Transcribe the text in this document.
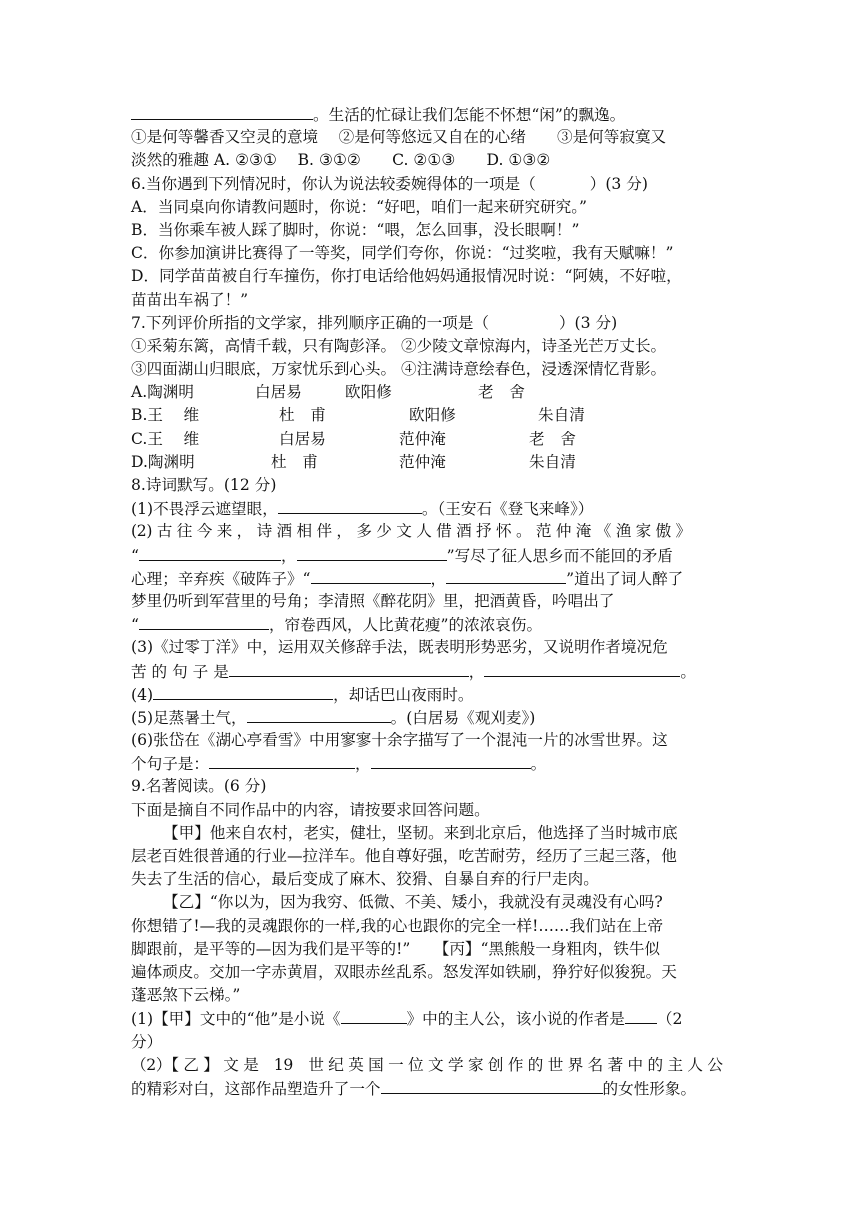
。生活的忙碌让我们怎能不怀想“闲”的飘逸。
①是何等馨香又空灵的意境　 ②是何等悠远又自在的心绪　　③是何等寂寞又
淡然的雅趣 A. ②③①　 B. ③①②　　C. ②①③　　D. ①③②
6.当你遇到下列情况时，你认为说法较委婉得体的一项是（	）(3 分)
A．当同桌向你请教问题时，你说：“好吧，咱们一起来研究研究。”
B．当你乘车被人踩了脚时，你说：“喂，怎么回事，没长眼啊！”
C．你参加演讲比赛得了一等奖，同学们夸你，你说：“过奖啦，我有天赋嘛！”
D．同学苗苗被自行车撞伤，你打电话给他妈妈通报情况时说：“阿姨，不好啦，
苗苗出车祸了！”
7.下列评价所指的文学家，排列顺序正确的一项是（	）(3 分)
①采菊东篱，高情千载，只有陶彭泽。 ②少陵文章惊海内，诗圣光芒万丈长。
③四面湖山归眼底，万家忧乐到心头。 ④注满诗意绘春色，浸透深情忆背影。
A.陶渊明	白居易	欧阳修	老　舍
B.王　 维	杜　甫	欧阳修	朱自清
C.王　 维	白居易	范仲淹	老　舍
D.陶渊明	杜　甫	范仲淹	朱自清
8.诗词默写。(12 分)
(1)不畏浮云遮望眼，	。（王安石《登飞来峰》）
(2) 古 往 今 来 ， 诗 酒 相 伴 ， 多 少 文 人 借 酒 抒 怀 。 范 仲 淹 《 渔 家 傲 》
“	，	”写尽了征人思乡而不能回的矛盾
心理；辛弃疾《破阵子》“	，	”道出了词人醉了
梦里仍听到军营里的号角；李清照《醉花阴》里，把酒黄昏，吟唱出了
“	，帘卷西风，人比黄花瘦”的浓浓哀伤。
(3)《过零丁洋》中，运用双关修辞手法，既表明形势恶劣，又说明作者境况危
苦 的 句 子 是	，	。
(4)	，却话巴山夜雨时。
(5)足蒸暑土气，	。(白居易《观刈麦》)
(6)张岱在《湖心亭看雪》中用寥寥十余字描写了一个混沌一片的冰雪世界。这
个句子是：	，	。
9.名著阅读。(6 分)
下面是摘自不同作品中的内容，请按要求回答问题。
【甲】他来自农村，老实，健壮，坚韧。来到北京后，他选择了当时城市底
层老百姓很普通的行业—拉洋车。他自尊好强，吃苦耐劳，经历了三起三落，他
失去了生活的信心，最后变成了麻木、狡猾、自暴自弃的行尸走肉。
【乙】“你以为，因为我穷、低微、不美、矮小，我就没有灵魂没有心吗?
你想错了!—我的灵魂跟你的一样,我的心也跟你的完全一样!……我们站在上帝
脚跟前，是平等的—因为我们是平等的!”　　【丙】“黑熊般一身粗肉，铁牛似
遍体顽皮。交加一字赤黄眉，双眼赤丝乱系。怒发浑如铁刷，狰狞好似狻猊。天
蓬恶煞下云梯。”
(1)【甲】文中的“他”是小说《	》中的主人公，该小说的作者是 （2
分）
（2）【 乙 】 文 是　19　世 纪 英 国 一 位 文 学 家 创 作 的 世 界 名 著 中 的 主 人 公
的精彩对白，这部作品塑造升了一个	的女性形象。
